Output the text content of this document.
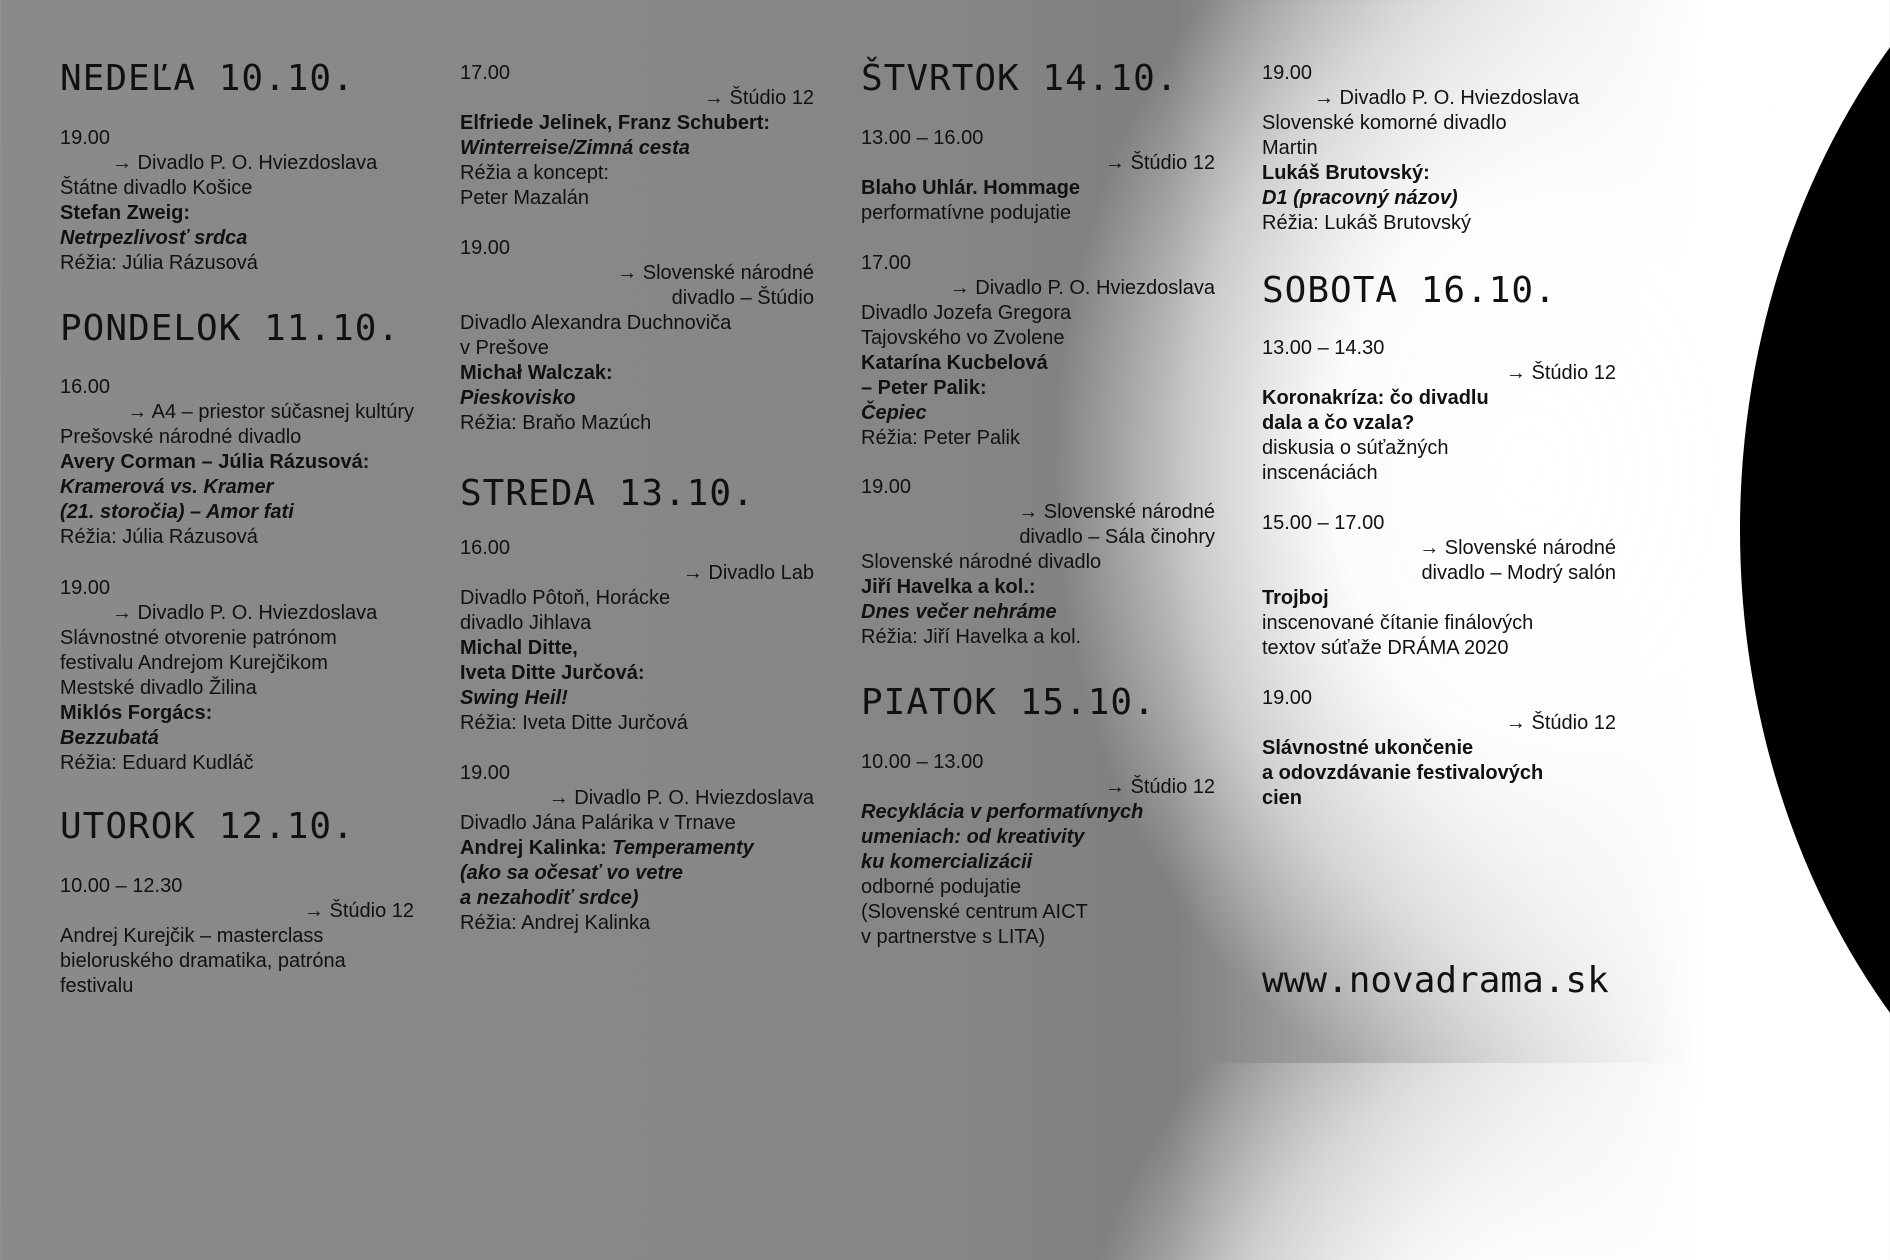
NEDEĽA 10.10.
19.00
→ Divadlo P. O. Hviezdoslava
Štátne divadlo Košice
Stefan Zweig:
Netrpezlivosť srdca
Réžia: Júlia Rázusová
PONDELOK 11.10.
16.00
→ A4 – priestor súčasnej kultúry
Prešovské národné divadlo
Avery Corman – Júlia Rázusová:
Kramerová vs. Kramer
(21. storočia) – Amor fati
Réžia: Júlia Rázusová
19.00
→ Divadlo P. O. Hviezdoslava
Slávnostné otvorenie patrónom
festivalu Andrejom Kurejčikom
Mestské divadlo Žilina
Miklós Forgács:
Bezzubatá
Réžia: Eduard Kudláč
UTOROK 12.10.
10.00 – 12.30
→ Štúdio 12
Andrej Kurejčik – masterclass
bieloruského dramatika, patróna
festivalu
17.00
→ Štúdio 12
Elfriede Jelinek, Franz Schubert:
Winterreise/Zimná cesta
Réžia a koncept:
Peter Mazalán
19.00
→ Slovenské národné
divadlo – Štúdio
Divadlo Alexandra Duchnoviča
v Prešove
Michał Walczak:
Pieskovisko
Réžia: Braňo Mazúch
STREDA 13.10.
16.00
→ Divadlo Lab
Divadlo Pôtoň, Horácke
divadlo Jihlava
Michal Ditte,
Iveta Ditte Jurčová:
Swing Heil!
Réžia: Iveta Ditte Jurčová
19.00
→ Divadlo P. O. Hviezdoslava
Divadlo Jána Palárika v Trnave
Andrej Kalinka: Temperamenty
(ako sa očesať vo vetre
a nezahodiť srdce)
Réžia: Andrej Kalinka
ŠTVRTOK 14.10.
13.00 – 16.00
→ Štúdio 12
Blaho Uhlár. Hommage
performatívne podujatie
17.00
→ Divadlo P. O. Hviezdoslava
Divadlo Jozefa Gregora
Tajovského vo Zvolene
Katarína Kucbelová
– Peter Palik:
Čepiec
Réžia: Peter Palik
19.00
→ Slovenské národné
divadlo – Sála činohry
Slovenské národné divadlo
Jiří Havelka a kol.:
Dnes večer nehráme
Réžia: Jiří Havelka a kol.
PIATOK 15.10.
10.00 – 13.00
→ Štúdio 12
Recyklácia v performatívnych
umeniach: od kreativity
ku komercializácii
odborné podujatie
(Slovenské centrum AICT
v partnerstve s LITA)
19.00
→ Divadlo P. O. Hviezdoslava
Slovenské komorné divadlo
Martin
Lukáš Brutovský:
D1 (pracovný názov)
Réžia: Lukáš Brutovský
SOBOTA 16.10.
13.00 – 14.30
→ Štúdio 12
Koronakríza: čo divadlu
dala a čo vzala?
diskusia o súťažných
inscenáciách
15.00 – 17.00
→ Slovenské národné
divadlo – Modrý salón
Trojboj
inscenované čítanie finálových
textov súťaže DRÁMA 2020
19.00
→ Štúdio 12
Slávnostné ukončenie
a odovzdávanie festivalových
cien
www.novadrama.sk
